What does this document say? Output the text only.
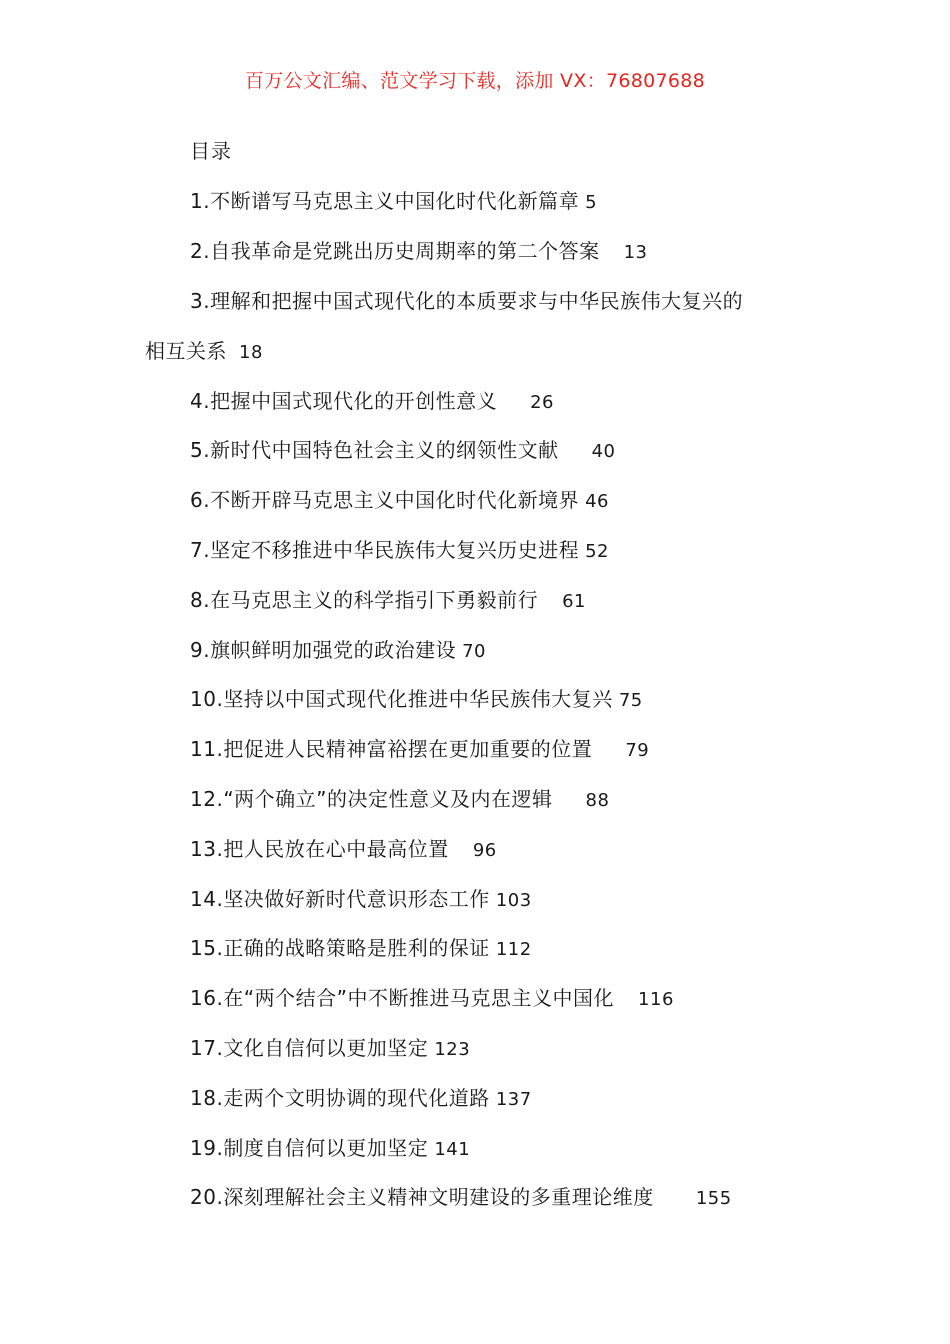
百万公文汇编、范文学习下载，添加 VX：76807688
目录
1.不断谱写马克思主义中国化时代化新篇章 5
2.自我革命是党跳出历史周期率的第二个答案 13
3.理解和把握中国式现代化的本质要求与中华民族伟大复兴的
相互关系 18
4.把握中国式现代化的开创性意义 26
5.新时代中国特色社会主义的纲领性文献 40
6.不断开辟马克思主义中国化时代化新境界 46
7.坚定不移推进中华民族伟大复兴历史进程 52
8.在马克思主义的科学指引下勇毅前行 61
9.旗帜鲜明加强党的政治建设 70
10.坚持以中国式现代化推进中华民族伟大复兴 75
11.把促进人民精神富裕摆在更加重要的位置 79
12.“两个确立”的决定性意义及内在逻辑 88
13.把人民放在心中最高位置 96
14.坚决做好新时代意识形态工作 103
15.正确的战略策略是胜利的保证 112
16.在“两个结合”中不断推进马克思主义中国化 116
17.文化自信何以更加坚定 123
18.走两个文明协调的现代化道路 137
19.制度自信何以更加坚定 141
20.深刻理解社会主义精神文明建设的多重理论维度 155
